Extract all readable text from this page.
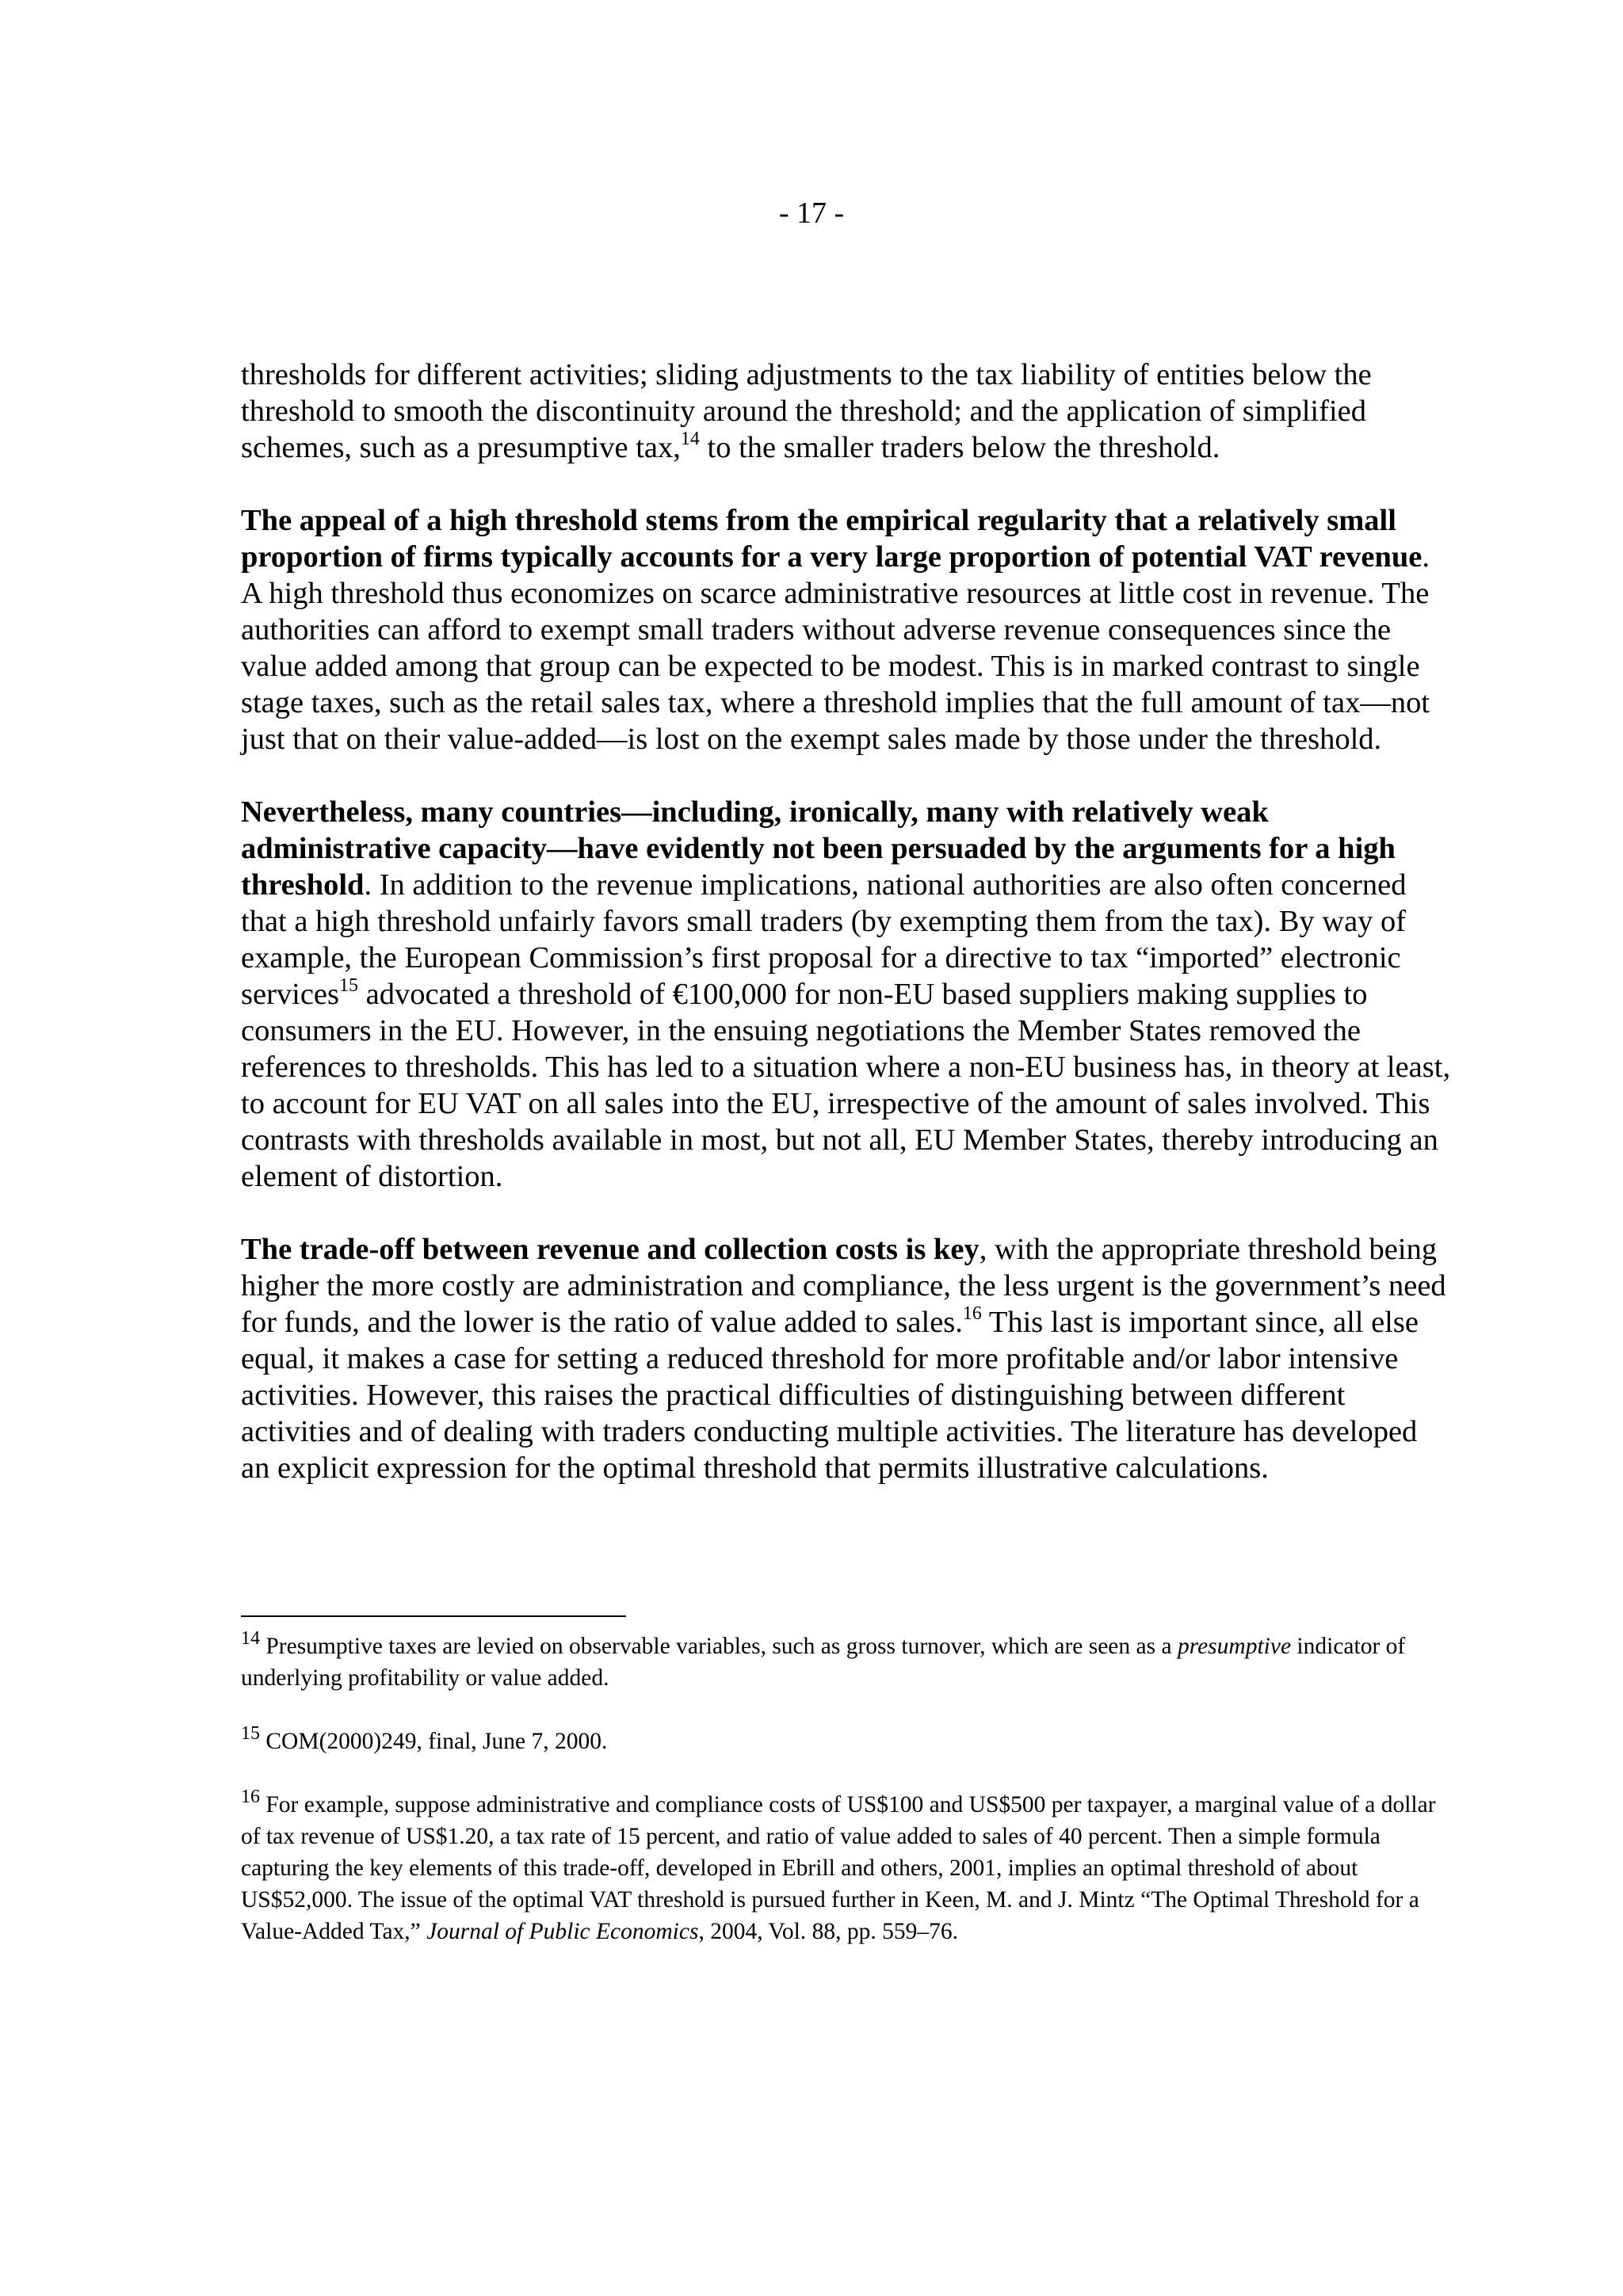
- 17 -

thresholds for different activities; sliding adjustments to the tax liability of entities below the threshold to smooth the discontinuity around the threshold; and the application of simplified schemes, such as a presumptive tax,$^{14}$ to the smaller traders below the threshold.

The appeal of a high threshold stems from the empirical regularity that a relatively small proportion of firms typically accounts for a very large proportion of potential VAT revenue. A high threshold thus economizes on scarce administrative resources at little cost in revenue. The authorities can afford to exempt small traders without adverse revenue consequences since the value added among that group can be expected to be modest. This is in marked contrast to single stage taxes, such as the retail sales tax, where a threshold implies that the full amount of tax—not just that on their value-added—is lost on the exempt sales made by those under the threshold.

Nevertheless, many countries—including, ironically, many with relatively weak administrative capacity—have evidently not been persuaded by the arguments for a high threshold. In addition to the revenue implications, national authorities are also often concerned that a high threshold unfairly favors small traders (by exempting them from the tax). By way of example, the European Commission’s first proposal for a directive to tax “imported” electronic services$^{15}$ advocated a threshold of €100,000 for non-EU based suppliers making supplies to consumers in the EU. However, in the ensuing negotiations the Member States removed the references to thresholds. This has led to a situation where a non-EU business has, in theory at least, to account for EU VAT on all sales into the EU, irrespective of the amount of sales involved. This contrasts with thresholds available in most, but not all, EU Member States, thereby introducing an element of distortion.

The trade-off between revenue and collection costs is key, with the appropriate threshold being higher the more costly are administration and compliance, the less urgent is the government’s need for funds, and the lower is the ratio of value added to sales.$^{16}$ This last is important since, all else equal, it makes a case for setting a reduced threshold for more profitable and/or labor intensive activities. However, this raises the practical difficulties of distinguishing between different activities and of dealing with traders conducting multiple activities. The literature has developed an explicit expression for the optimal threshold that permits illustrative calculations.

$^{14}$ Presumptive taxes are levied on observable variables, such as gross turnover, which are seen as a presumptive indicator of underlying profitability or value added.

$^{15}$ COM(2000)249, final, June 7, 2000.

$^{16}$ For example, suppose administrative and compliance costs of US$100 and US$500 per taxpayer, a marginal value of a dollar of tax revenue of US$1.20, a tax rate of 15 percent, and ratio of value added to sales of 40 percent. Then a simple formula capturing the key elements of this trade-off, developed in Ebrill and others, 2001, implies an optimal threshold of about US$52,000. The issue of the optimal VAT threshold is pursued further in Keen, M. and J. Mintz “The Optimal Threshold for a Value-Added Tax,” Journal of Public Economics, 2004, Vol. 88, pp. 559–76.
